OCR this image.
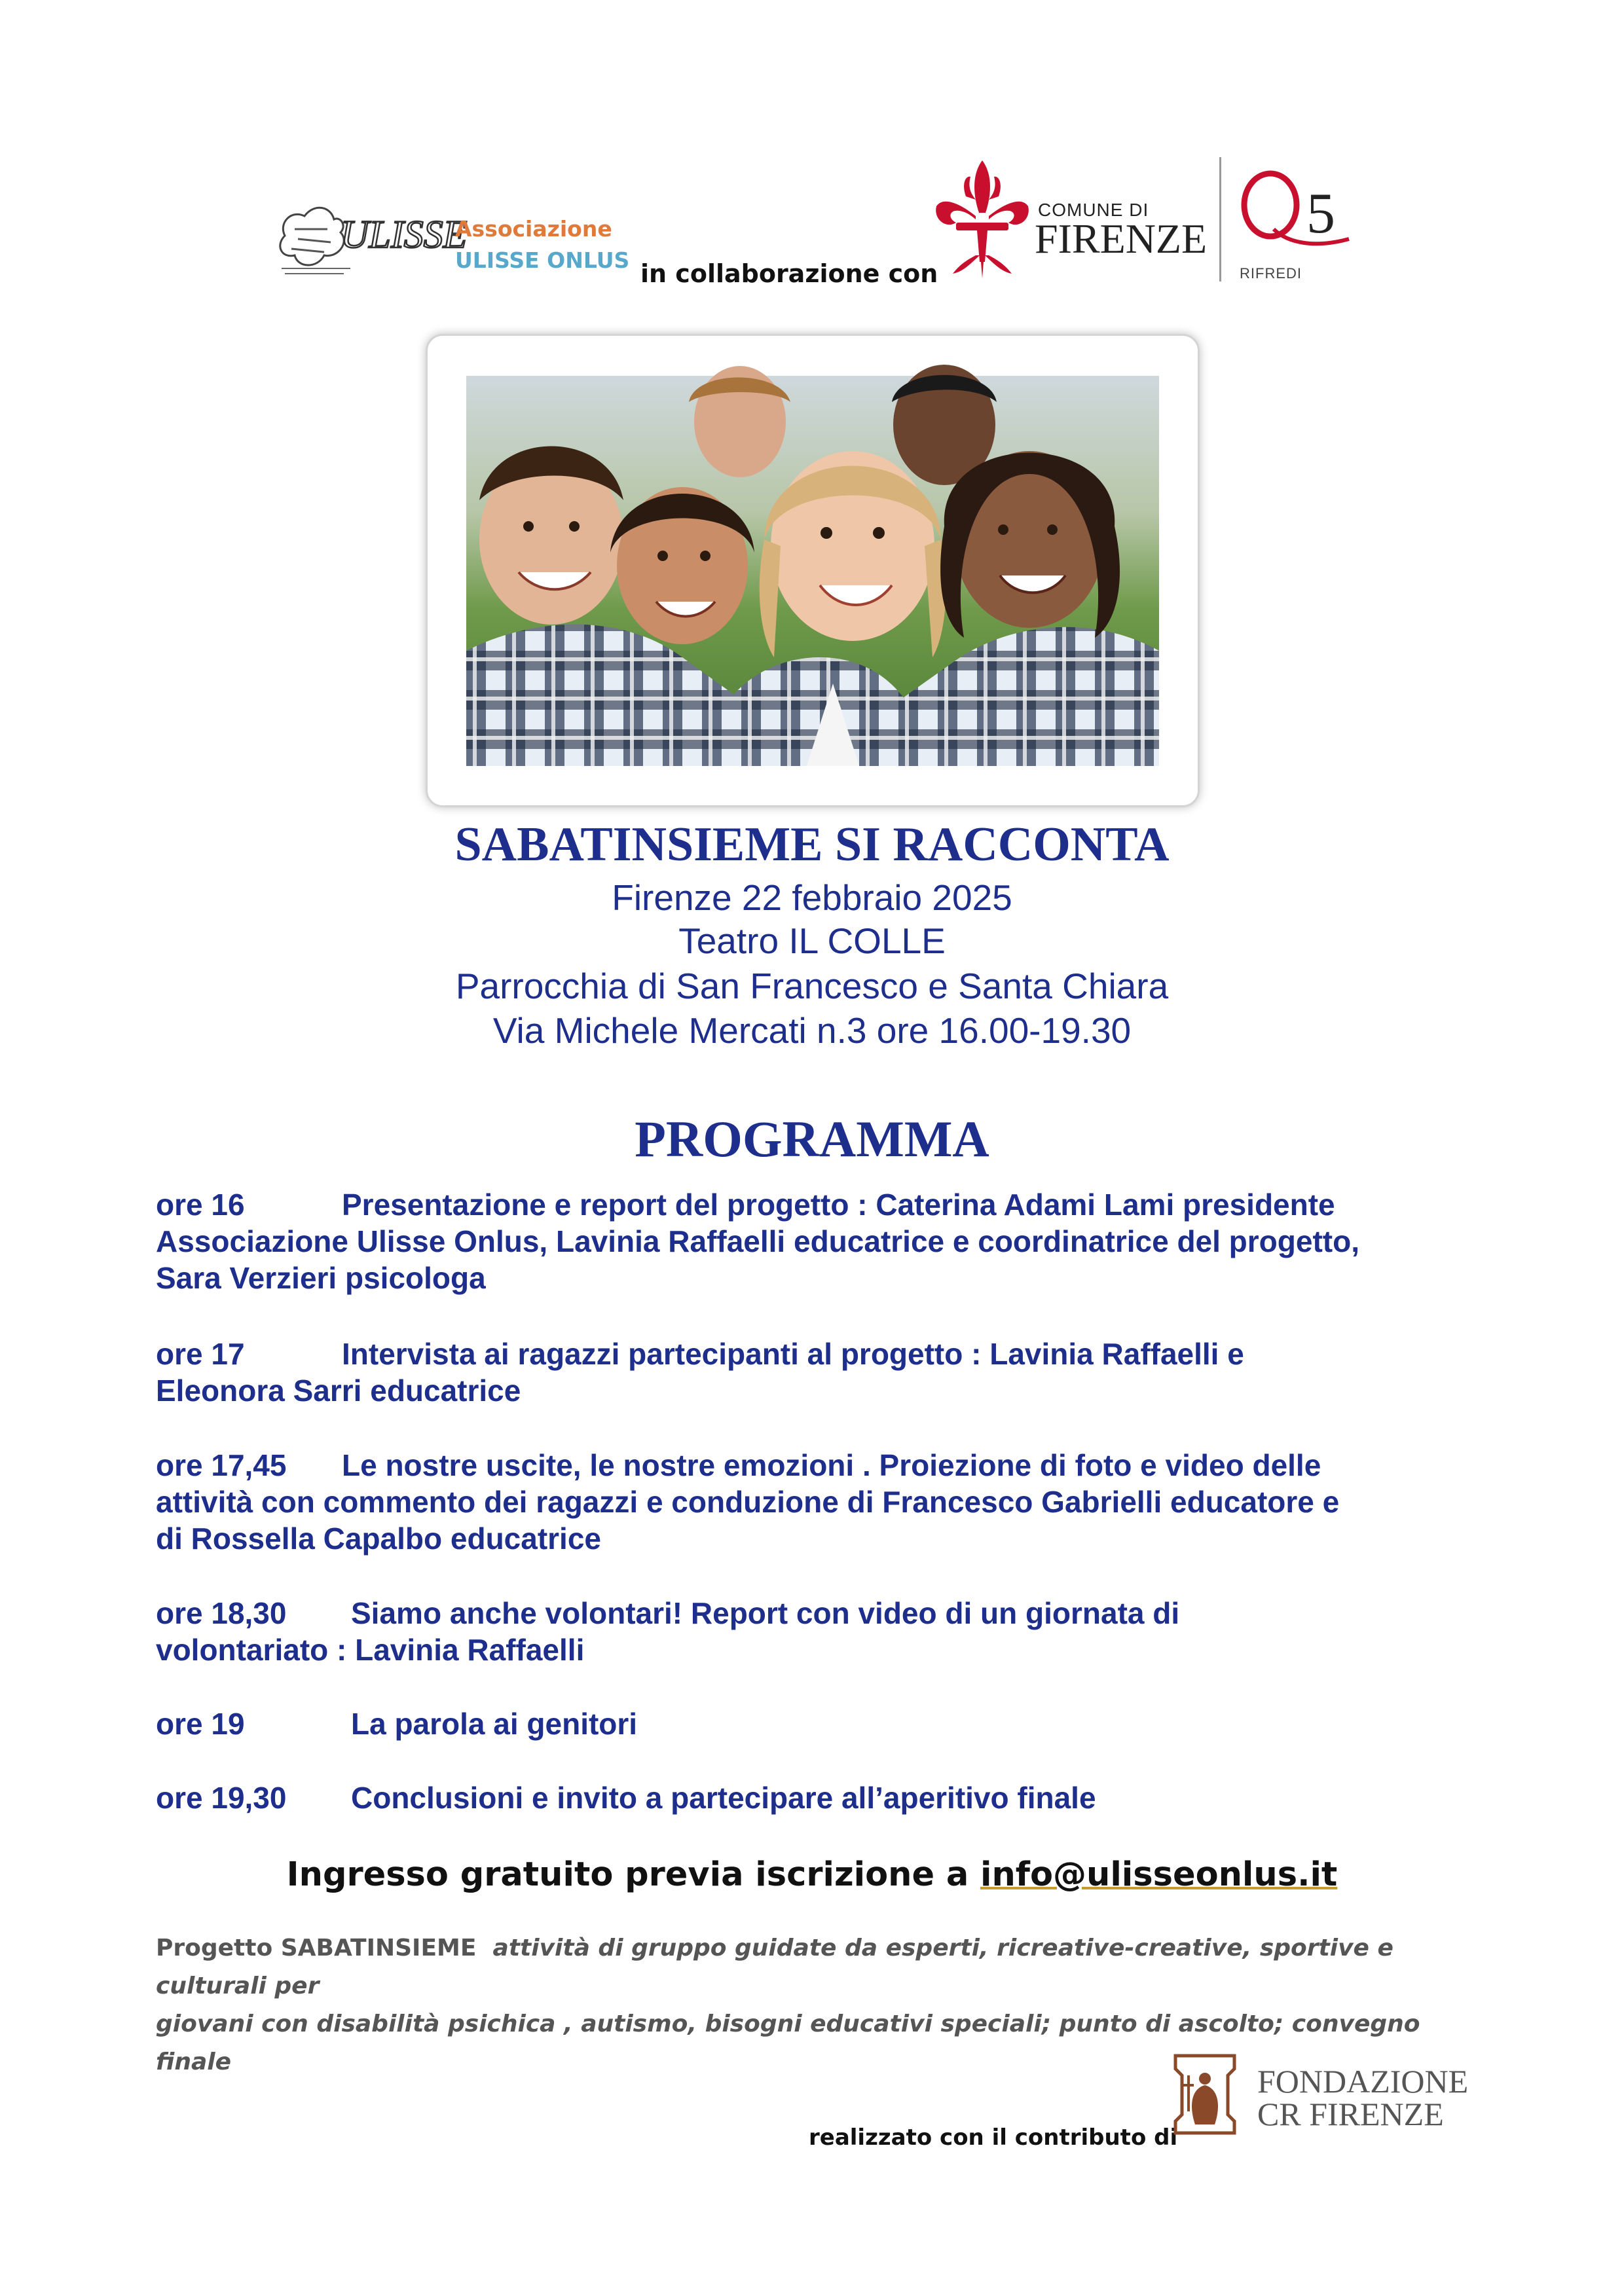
ULISSE
Associazione
ULISSE ONLUS in collaborazione con
COMUNE DI
FIRENZE 5
RIFREDI
SABATINSIEME SI RACCONTA
Firenze 22 febbraio 2025
Teatro IL COLLE
Parrocchia di San Francesco e Santa Chiara
Via Michele Mercati n.3 ore 16.00-19.30
PROGRAMMA
ore 16	Presentazione e report del progetto : Caterina Adami Lami presidente
Associazione Ulisse Onlus, Lavinia Raffaelli educatrice e coordinatrice del progetto,
Sara Verzieri psicologa
ore 17	Intervista ai ragazzi partecipanti al progetto : Lavinia Raffaelli e
Eleonora Sarri educatrice
ore 17,45 Le nostre uscite, le nostre emozioni . Proiezione di foto e video delle
attività con commento dei ragazzi e conduzione di Francesco Gabrielli educatore e
di Rossella Capalbo educatrice
ore 18,30 Siamo anche volontari! Report con video di un giornata di
volontariato : Lavinia Raffaelli
ore 19	La parola ai genitori
ore 19,30 Conclusioni e invito a partecipare all’aperitivo finale
Ingresso gratuito previa iscrizione a info@ulisseonlus.it
Progetto SABATINSIEME attività di gruppo guidate da esperti, ricreative-creative, sportive e culturali per
giovani con disabilità psichica , autismo, bisogni educativi speciali; punto di ascolto; convegno finale
realizzato con il contributo di
FONDAZIONE
CR FIRENZE
